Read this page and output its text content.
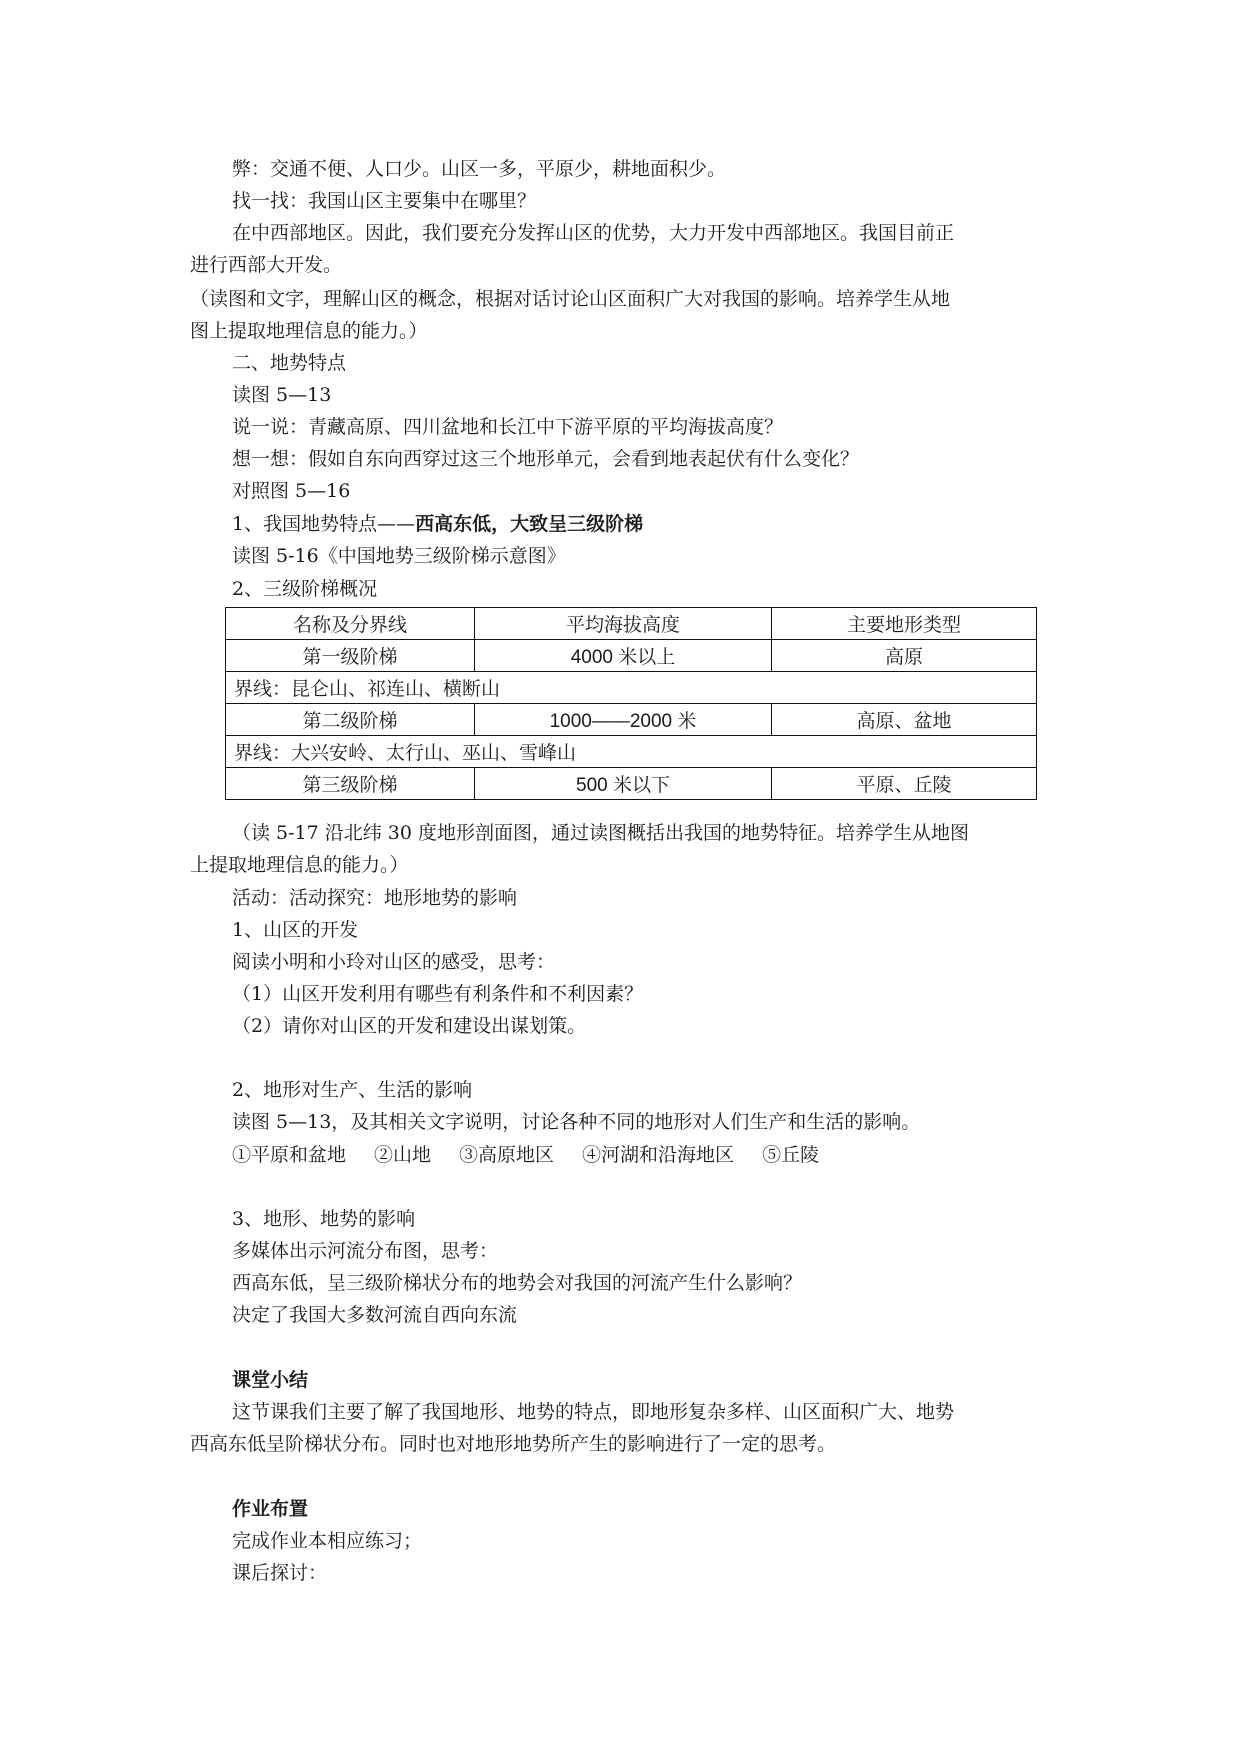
弊：交通不便、人口少。山区一多，平原少，耕地面积少。
找一找：我国山区主要集中在哪里？
在中西部地区。因此，我们要充分发挥山区的优势，大力开发中西部地区。我国目前正
进行西部大开发。
（读图和文字，理解山区的概念，根据对话讨论山区面积广大对我国的影响。培养学生从地
图上提取地理信息的能力。）
二、地势特点
读图 5—13
说一说：青藏高原、四川盆地和长江中下游平原的平均海拔高度？
想一想：假如自东向西穿过这三个地形单元，会看到地表起伏有什么变化？
对照图 5—16
1、我国地势特点——西高东低，大致呈三级阶梯
读图 5-16《中国地势三级阶梯示意图》
2、三级阶梯概况
名称及分界线	平均海拔高度	主要地形类型
第一级阶梯	4000 米以上	高原
界线：昆仑山、祁连山、横断山		
第二级阶梯	1000——2000 米	高原、盆地
界线：大兴安岭、太行山、巫山、雪峰山		
第三级阶梯	500 米以下	平原、丘陵
（读 5-17 沿北纬 30 度地形剖面图，通过读图概括出我国的地势特征。培养学生从地图
上提取地理信息的能力。）
活动：活动探究：地形地势的影响
1、山区的开发
阅读小明和小玲对山区的感受，思考：
（1）山区开发利用有哪些有利条件和不利因素？
（2）请你对山区的开发和建设出谋划策。
2、地形对生产、生活的影响
读图 5—13，及其相关文字说明，讨论各种不同的地形对人们生产和生活的影响。
①平原和盆地 ②山地 ③高原地区 ④河湖和沿海地区 ⑤丘陵
3、地形、地势的影响
多媒体出示河流分布图，思考：
西高东低，呈三级阶梯状分布的地势会对我国的河流产生什么影响？
决定了我国大多数河流自西向东流
课堂小结
这节课我们主要了解了我国地形、地势的特点，即地形复杂多样、山区面积广大、地势
西高东低呈阶梯状分布。同时也对地形地势所产生的影响进行了一定的思考。
作业布置
完成作业本相应练习；
课后探讨：
